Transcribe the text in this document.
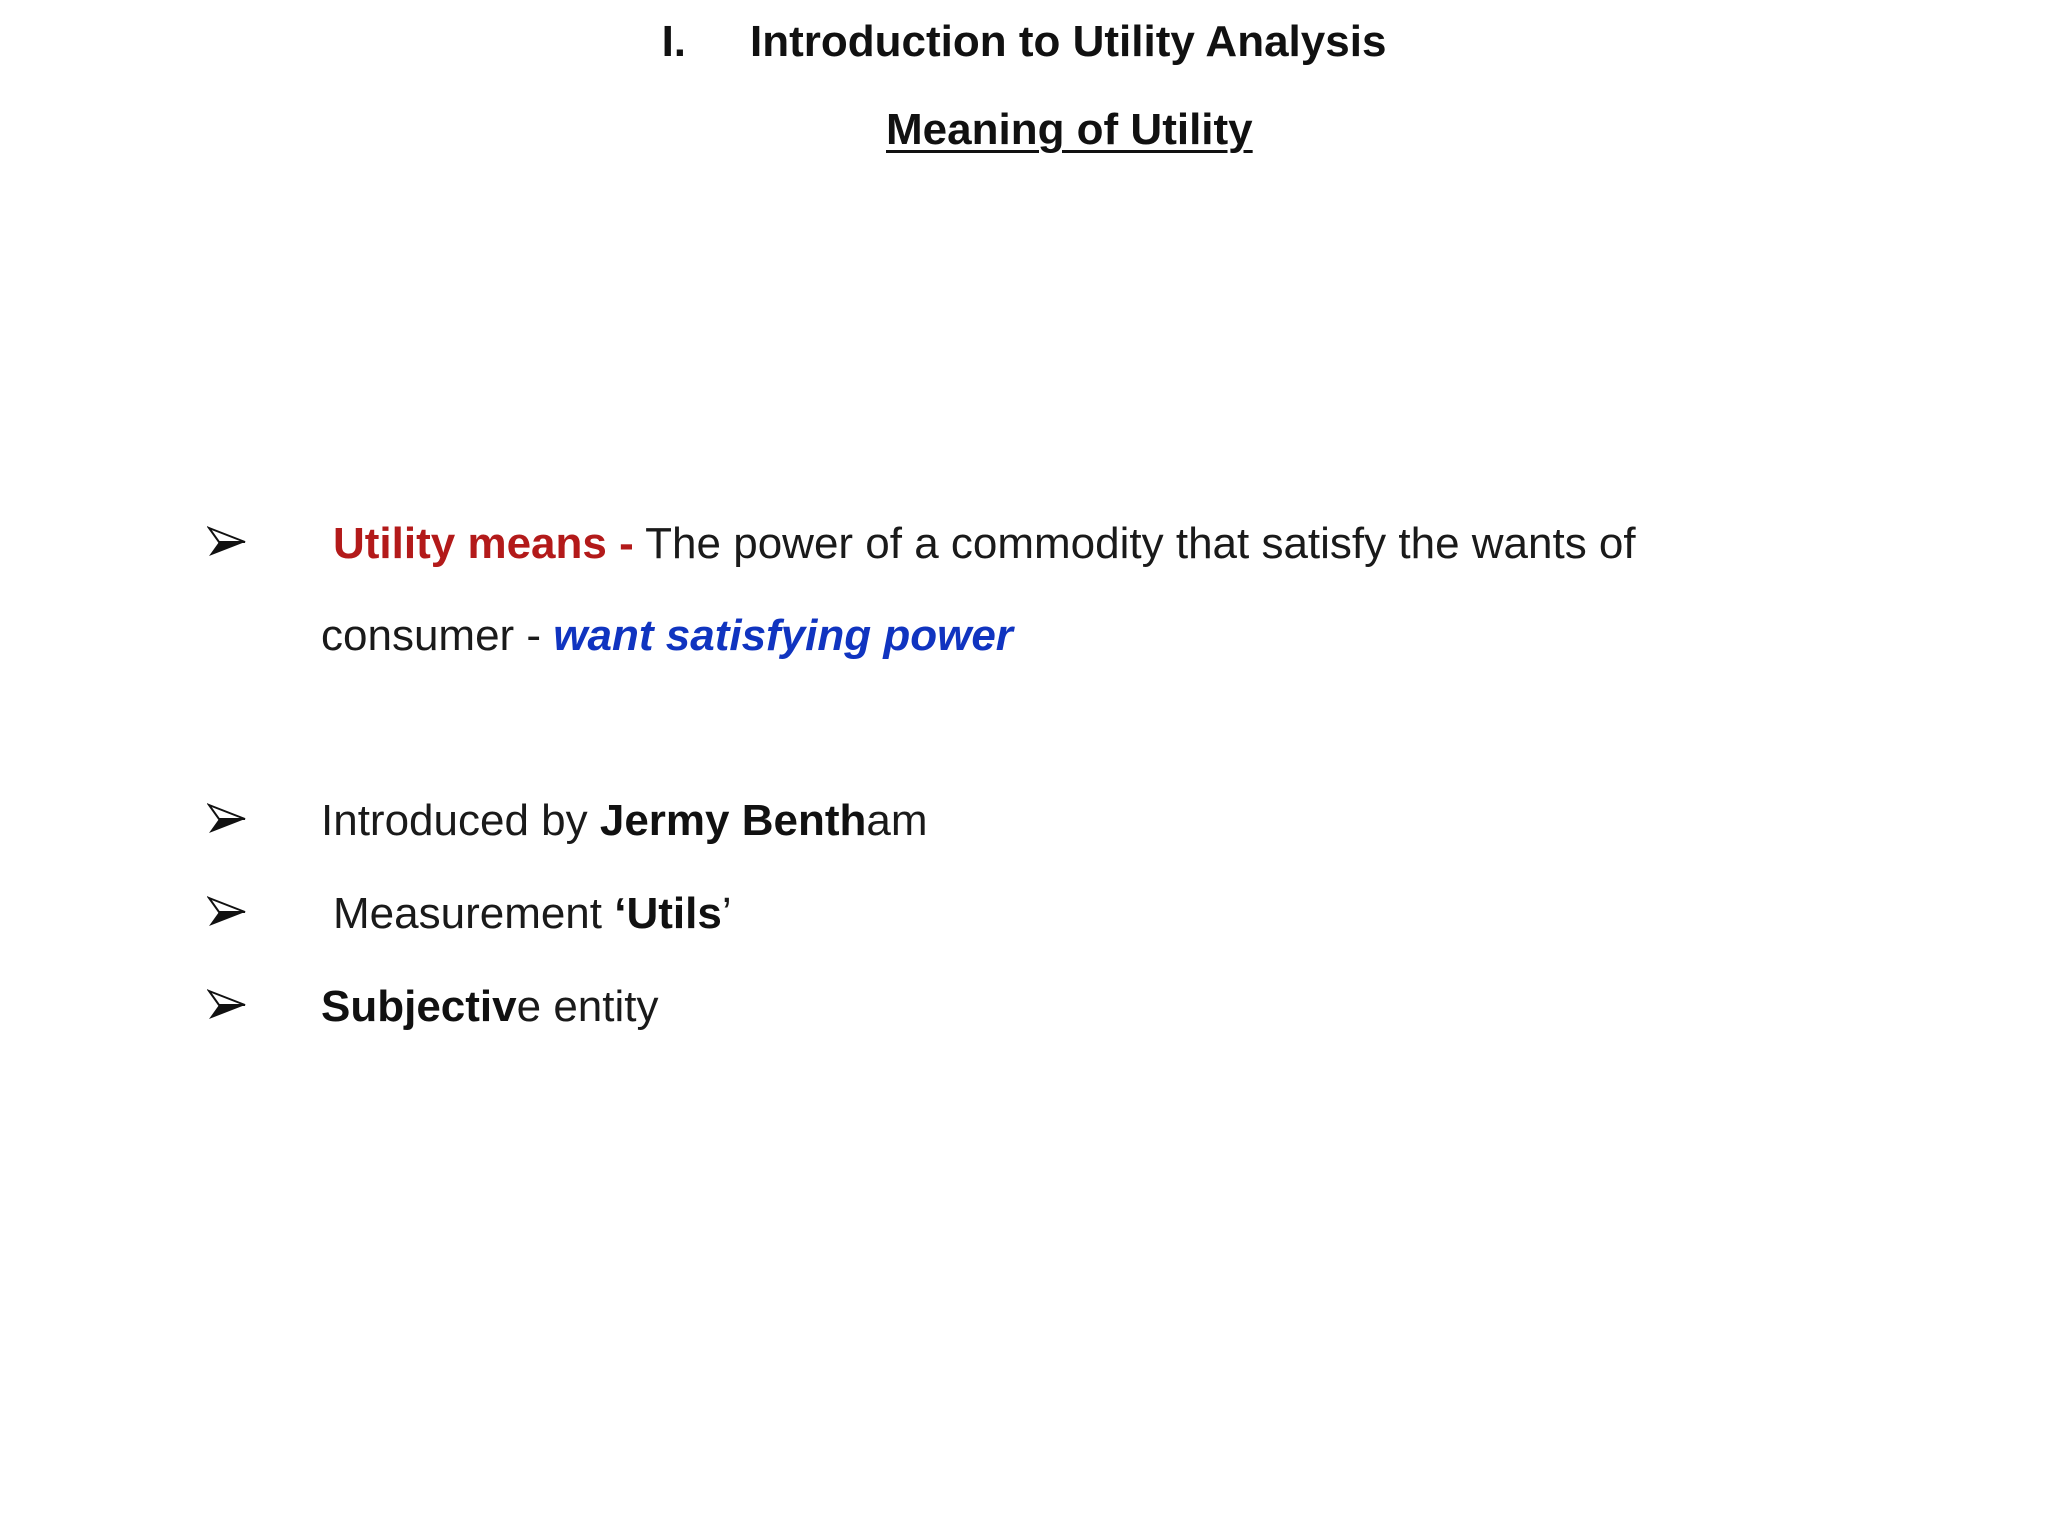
I. Introduction to Utility Analysis
Meaning of Utility
Utility means - The power of a commodity that satisfy the wants of
consumer - want satisfying power
Introduced by Jermy Bentham
Measurement ‘Utils’
Subjective entity
